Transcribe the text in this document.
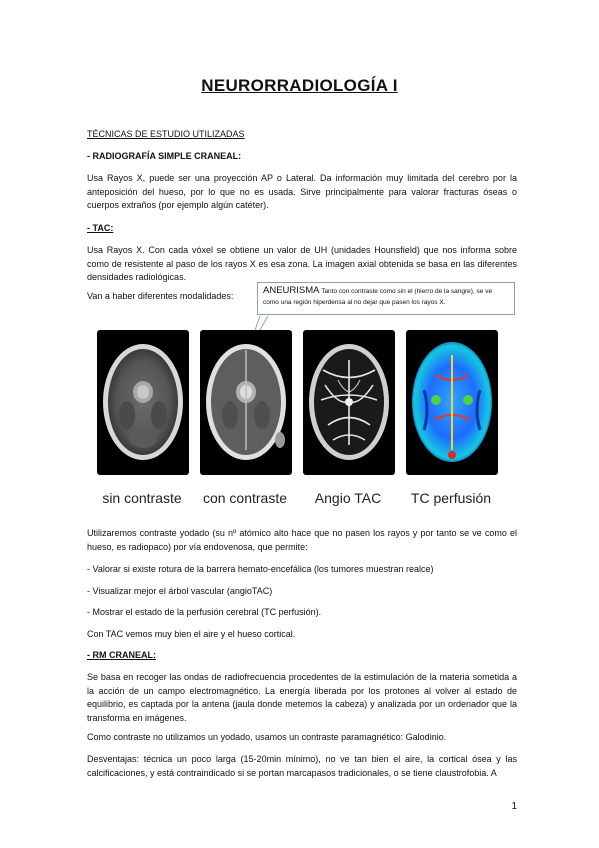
NEURORRADIOLOGÍA I

TÉCNICAS DE ESTUDIO UTILIZADAS

- RADIOGRAFÍA SIMPLE CRANEAL:

Usa Rayos X, puede ser una proyección AP o Lateral. Da información muy limitada del cerebro por la anteposición del hueso, por lo que no es usada. Sirve principalmente para valorar fracturas óseas o cuerpos extraños (por ejemplo algún catéter).

- TAC:

Usa Rayos X. Con cada vóxel se obtiene un valor de UH (unidades Hounsfield) que nos informa sobre como de resistente al paso de los rayos X es esa zona. La imagen axial obtenida se basa en las diferentes densidades radiológicas.

Van a haber diferentes modalidades:	ANEURISMA Tanto con contraste como sin el (hierro de la sangre), se ve como una región hiperdensa al no dejar que pasen los rayos X.
sin contraste	con contraste	Angio TAC	TC perfusión

Utilizaremos contraste yodado (su nº atómico alto hace que no pasen los rayos y por tanto se ve como el hueso, es radiopaco) por vía endovenosa, que permite:

- Valorar si existe rotura de la barrera hemato-encefálica (los tumores muestran realce)

- Visualizar mejor el árbol vascular (angioTAC)

- Mostrar el estado de la perfusión cerebral (TC perfusión).

Con TAC vemos muy bien el aire y el hueso cortical.

- RM CRANEAL:

Se basa en recoger las ondas de radiofrecuencia procedentes de la estimulación de la materia sometida a la acción de un campo electromagnético. La energía liberada por los protones al volver al estado de equilibrio, es captada por la antena (jaula donde metemos la cabeza) y analizada por un ordenador que la transforma en imágenes.

Como contraste no utilizamos un yodado, usamos un contraste paramagnético: Galodinio.

Desventajas: técnica un poco larga (15-20min mínimo), no ve tan bien el aire, la cortical ósea y las calcificaciones, y está contraindicado si se portan marcapasos tradicionales, o se tiene claustrofobia. A

1
